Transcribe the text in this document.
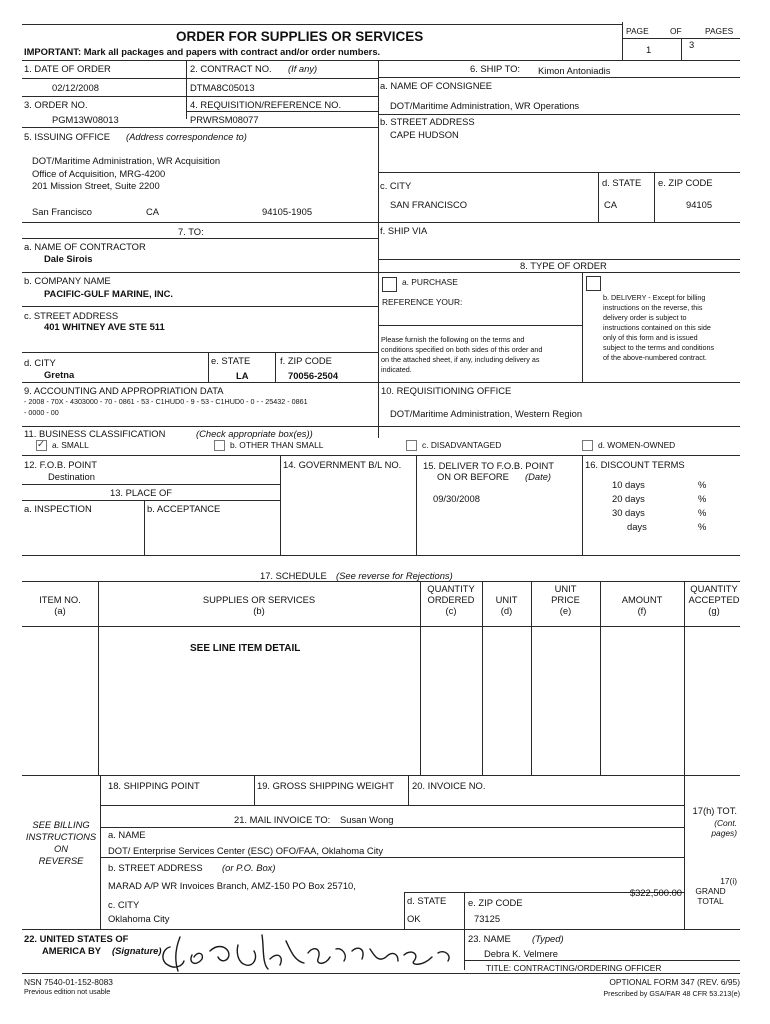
PAGE	OF	PAGES
1	3
ORDER FOR SUPPLIES OR SERVICES
IMPORTANT: Mark all packages and papers with contract and/or order numbers.
1. DATE OF ORDER
02/12/2008
2. CONTRACT NO. (If any)
DTMA8C05013
3. ORDER NO.
PGM13W08013
4. REQUISITION/REFERENCE NO.
PRWRSM08077
5. ISSUING OFFICE (Address correspondence to)
DOT/Maritime Administration, WR Acquisition
Office of Acquisition, MRG-4200
201 Mission Street, Suite 2200
San Francisco	CA	94105-1905
6. SHIP TO: Kimon Antoniadis
a. NAME OF CONSIGNEE
DOT/Maritime Administration, WR Operations
b. STREET ADDRESS
CAPE HUDSON
c. CITY
SAN FRANCISCO
d. STATE
CA
e. ZIP CODE
94105
f. SHIP VIA
7. TO:
a. NAME OF CONTRACTOR
Dale Sirois
b. COMPANY NAME
PACIFIC-GULF MARINE, INC.
c. STREET ADDRESS
401 WHITNEY AVE STE 511
d. CITY
Gretna
e. STATE
LA
f. ZIP CODE
70056-2504
8. TYPE OF ORDER
a. PURCHASE
REFERENCE YOUR:
Please furnish the following on the terms and
conditions specified on both sides of this order and
on the attached sheet, if any, including delivery as
indicated.
b. DELIVERY - Except for billing
instructions on the reverse, this
delivery order is subject to
instructions contained on this side
only of this form and is issued
subject to the terms and conditions
of the above-numbered contract.
9. ACCOUNTING AND APPROPRIATION DATA
- 2008 - 70X - 4303000 - 70 - 0861 - 53 - C1HUD0 - 9 - 53 - C1HUD0 - 0 - - 25432 - 0861
- 0000 - 00
10. REQUISITIONING OFFICE
DOT/Maritime Administration, Western Region
11. BUSINESS CLASSIFICATION	(Check appropriate box(es))
✓ a. SMALL	b. OTHER THAN SMALL	c. DISADVANTAGED	d. WOMEN-OWNED
12. F.O.B. POINT
Destination
13. PLACE OF
a. INSPECTION	b. ACCEPTANCE
14. GOVERNMENT B/L NO. 15. DELIVER TO F.O.B. POINT
ON OR BEFORE (Date)
09/30/2008
16. DISCOUNT TERMS
10 days	%
20 days	%
30 days	%
days	%
17. SCHEDULE (See reverse for Rejections)
ITEM NO.
(a)
SUPPLIES OR SERVICES
(b)
QUANTITY
ORDERED
(c)
UNIT
(d)
UNIT
PRICE
(e)
AMOUNT
(f)
QUANTITY
ACCEPTED
(g)
SEE LINE ITEM DETAIL
18. SHIPPING POINT	19. GROSS SHIPPING WEIGHT 20. INVOICE NO.
SEE BILLING
INSTRUCTIONS
ON
REVERSE
21. MAIL INVOICE TO: Susan Wong
a. NAME
DOT/ Enterprise Services Center (ESC) OFO/FAA, Oklahoma City
b. STREET ADDRESS (or P.O. Box)
MARAD A/P WR Invoices Branch, AMZ-150 PO Box 25710,
c. CITY
Oklahoma City
d. STATE
OK
e. ZIP CODE
73125
17(h) TOT.
(Cont.
pages)
17(i)
GRAND
TOTAL
$322,500.00
22. UNITED STATES OF
AMERICA BY (Signature)
23. NAME (Typed)
Debra K. Velmere
TITLE: CONTRACTING/ORDERING OFFICER
NSN 7540-01-152-8083
Previous edition not usable
OPTIONAL FORM 347 (REV. 6/95)
Prescribed by GSA/FAR 48 CFR 53.213(e)
